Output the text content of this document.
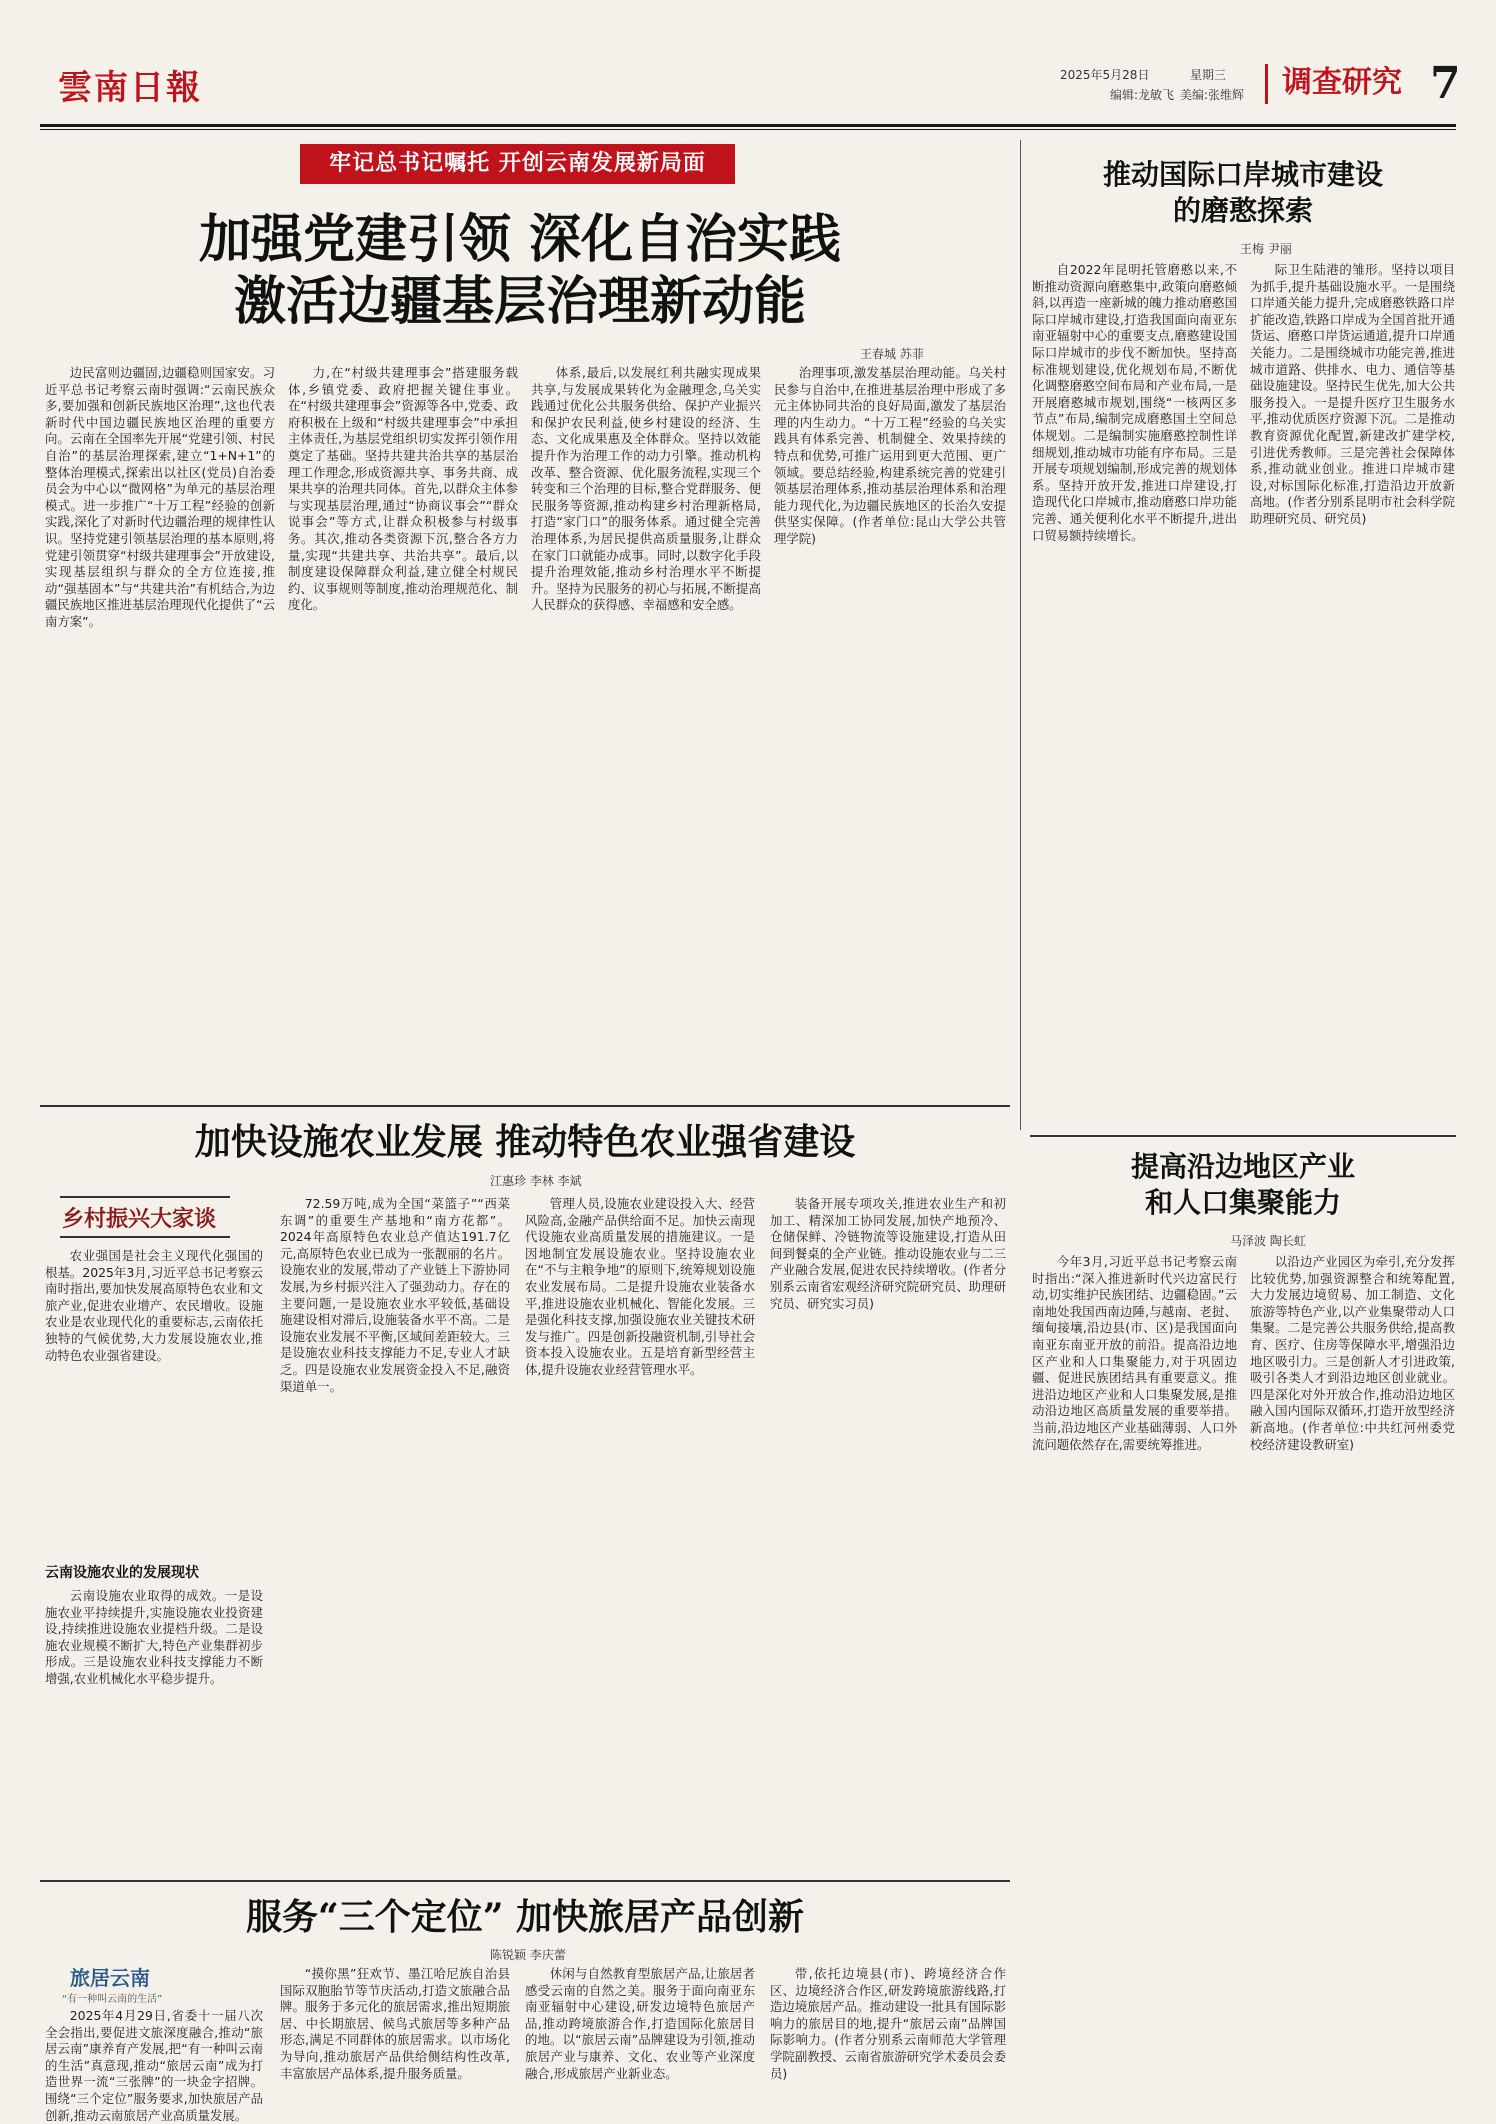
雲南日報	2025年5月28日	星期三
编辑:龙敏飞 美编:张维辉	调查研究 7
牢记总书记嘱托 开创云南发展新局面
加强党建引领 深化自治实践
激活边疆基层治理新动能
王春城 苏菲
边民富则边疆固,边疆稳则国家安。习近平总书记考察云南时强调:“云南民族众多,要加强和创新民族地区治理”,这也代表新时代中国边疆民族地区治理的重要方向。云南在全国率先开展“党建引领、村民自治”的基层治理探索,建立“1+N+1”的整体治理模式,探索出以社区(党员)自治委员会为中心以“微网格”为单元的基层治理模式。进一步推广“十万工程”经验的创新实践,深化了对新时代边疆治理的规律性认识。坚持党建引领基层治理的基本原则,将党建引领贯穿“村级共建理事会”开放建设,实现基层组织与群众的全方位连接,推动“强基固本”与“共建共治”有机结合,为边疆民族地区推进基层治理现代化提供了“云南方案”。
力,在“村级共建理事会”搭建服务载体,乡镇党委、政府把握关键住事业。在“村级共建理事会”资源等各中,党委、政府积极在上级和“村级共建理事会”中承担主体责任,为基层党组织切实发挥引领作用奠定了基础。坚持共建共治共享的基层治理工作理念,形成资源共享、事务共商、成果共享的治理共同体。首先,以群众主体参与实现基层治理,通过“协商议事会”“群众说事会”等方式,让群众积极参与村级事务。其次,推动各类资源下沉,整合各方力量,实现“共建共享、共治共享”。最后,以制度建设保障群众利益,建立健全村规民约、议事规则等制度,推动治理规范化、制度化。
体系,最后,以发展红利共融实现成果共享,与发展成果转化为金融理念,乌关实践通过优化公共服务供给、保护产业振兴和保护农民利益,使乡村建设的经济、生态、文化成果惠及全体群众。坚持以效能提升作为治理工作的动力引擎。推动机构改革、整合资源、优化服务流程,实现三个转变和三个治理的目标,整合党群服务、便民服务等资源,推动构建乡村治理新格局,打造“家门口”的服务体系。通过健全完善治理体系,为居民提供高质量服务,让群众在家门口就能办成事。同时,以数字化手段提升治理效能,推动乡村治理水平不断提升。坚持为民服务的初心与拓展,不断提高人民群众的获得感、幸福感和安全感。
治理事项,激发基层治理动能。乌关村民参与自治中,在推进基层治理中形成了多元主体协同共治的良好局面,激发了基层治理的内生动力。“十万工程”经验的乌关实践具有体系完善、机制健全、效果持续的特点和优势,可推广运用到更大范围、更广领域。要总结经验,构建系统完善的党建引领基层治理体系,推动基层治理体系和治理能力现代化,为边疆民族地区的长治久安提供坚实保障。(作者单位:昆山大学公共管理学院)
推动国际口岸城市建设
的磨憨探索
王梅 尹丽
自2022年昆明托管磨憨以来,不断推动资源向磨憨集中,政策向磨憨倾斜,以再造一座新城的魄力推动磨憨国际口岸城市建设,打造我国面向南亚东南亚辐射中心的重要支点,磨憨建设国际口岸城市的步伐不断加快。坚持高标准规划建设,优化规划布局,不断优化调整磨憨空间布局和产业布局,一是开展磨憨城市规划,围绕“一核两区多节点”布局,编制完成磨憨国土空间总体规划。二是编制实施磨憨控制性详细规划,推动城市功能有序布局。三是开展专项规划编制,形成完善的规划体系。坚持开放开发,推进口岸建设,打造现代化口岸城市,推动磨憨口岸功能完善、通关便利化水平不断提升,进出口贸易额持续增长。
际卫生陆港的雏形。坚持以项目为抓手,提升基础设施水平。一是围绕口岸通关能力提升,完成磨憨铁路口岸扩能改造,铁路口岸成为全国首批开通货运、磨憨口岸货运通道,提升口岸通关能力。二是围绕城市功能完善,推进城市道路、供排水、电力、通信等基础设施建设。坚持民生优先,加大公共服务投入。一是提升医疗卫生服务水平,推动优质医疗资源下沉。二是推动教育资源优化配置,新建改扩建学校,引进优秀教师。三是完善社会保障体系,推动就业创业。推进口岸城市建设,对标国际化标准,打造沿边开放新高地。(作者分别系昆明市社会科学院助理研究员、研究员)
加快设施农业发展 推动特色农业强省建设
江惠珍 李林 李斌
乡村振兴大家谈
农业强国是社会主义现代化强国的根基。2025年3月,习近平总书记考察云南时指出,要加快发展高原特色农业和文旅产业,促进农业增产、农民增收。设施农业是农业现代化的重要标志,云南依托独特的气候优势,大力发展设施农业,推动特色农业强省建设。
云南设施农业的发展现状
云南设施农业取得的成效。一是设施农业平持续提升,实施设施农业投资建设,持续推进设施农业提档升级。二是设施农业规模不断扩大,特色产业集群初步形成。三是设施农业科技支撑能力不断增强,农业机械化水平稳步提升。
72.59万吨,成为全国“菜篮子”“西菜东调”的重要生产基地和“南方花都”。2024年高原特色农业总产值达191.7亿元,高原特色农业已成为一张靓丽的名片。设施农业的发展,带动了产业链上下游协同发展,为乡村振兴注入了强劲动力。存在的主要问题,一是设施农业水平较低,基础设施建设相对滞后,设施装备水平不高。二是设施农业发展不平衡,区域间差距较大。三是设施农业科技支撑能力不足,专业人才缺乏。四是设施农业发展资金投入不足,融资渠道单一。
管理人员,设施农业建设投入大、经营风险高,金融产品供给面不足。加快云南现代设施农业高质量发展的措施建议。一是因地制宜发展设施农业。坚持设施农业在“不与主粮争地”的原则下,统筹规划设施农业发展布局。二是提升设施农业装备水平,推进设施农业机械化、智能化发展。三是强化科技支撑,加强设施农业关键技术研发与推广。四是创新投融资机制,引导社会资本投入设施农业。五是培育新型经营主体,提升设施农业经营管理水平。
装备开展专项攻关,推进农业生产和初加工、精深加工协同发展,加快产地预冷、仓储保鲜、冷链物流等设施建设,打造从田间到餐桌的全产业链。推动设施农业与二三产业融合发展,促进农民持续增收。(作者分别系云南省宏观经济研究院研究员、助理研究员、研究实习员)
提高沿边地区产业
和人口集聚能力
马泽波 陶长虹
今年3月,习近平总书记考察云南时指出:“深入推进新时代兴边富民行动,切实维护民族团结、边疆稳固。”云南地处我国西南边陲,与越南、老挝、缅甸接壤,沿边县(市、区)是我国面向南亚东南亚开放的前沿。提高沿边地区产业和人口集聚能力,对于巩固边疆、促进民族团结具有重要意义。推进沿边地区产业和人口集聚发展,是推动沿边地区高质量发展的重要举措。当前,沿边地区产业基础薄弱、人口外流问题依然存在,需要统筹推进。
以沿边产业园区为牵引,充分发挥比较优势,加强资源整合和统筹配置,大力发展边境贸易、加工制造、文化旅游等特色产业,以产业集聚带动人口集聚。二是完善公共服务供给,提高教育、医疗、住房等保障水平,增强沿边地区吸引力。三是创新人才引进政策,吸引各类人才到沿边地区创业就业。四是深化对外开放合作,推动沿边地区融入国内国际双循环,打造开放型经济新高地。(作者单位:中共红河州委党校经济建设教研室)
服务“三个定位” 加快旅居产品创新
陈锐颖 李庆蕾
旅居云南
“有一种叫云南的生活”
2025年4月29日,省委十一届八次全会指出,要促进文旅深度融合,推动“旅居云南”康养育产发展,把“有一种叫云南的生活”真意现,推动“旅居云南”成为打造世界一流“三张牌”的一块金字招牌。围绕“三个定位”服务要求,加快旅居产品创新,推动云南旅居产业高质量发展。
“摸你黑”狂欢节、墨江哈尼族自治县国际双胞胎节等节庆活动,打造文旅融合品牌。服务于多元化的旅居需求,推出短期旅居、中长期旅居、候鸟式旅居等多种产品形态,满足不同群体的旅居需求。以市场化为导向,推动旅居产品供给侧结构性改革,丰富旅居产品体系,提升服务质量。
休闲与自然教育型旅居产品,让旅居者感受云南的自然之美。服务于面向南亚东南亚辐射中心建设,研发边境特色旅居产品,推动跨境旅游合作,打造国际化旅居目的地。以“旅居云南”品牌建设为引领,推动旅居产业与康养、文化、农业等产业深度融合,形成旅居产业新业态。
带,依托边境县(市)、跨境经济合作区、边境经济合作区,研发跨境旅游线路,打造边境旅居产品。推动建设一批具有国际影响力的旅居目的地,提升“旅居云南”品牌国际影响力。(作者分别系云南师范大学管理学院副教授、云南省旅游研究学术委员会委员)
